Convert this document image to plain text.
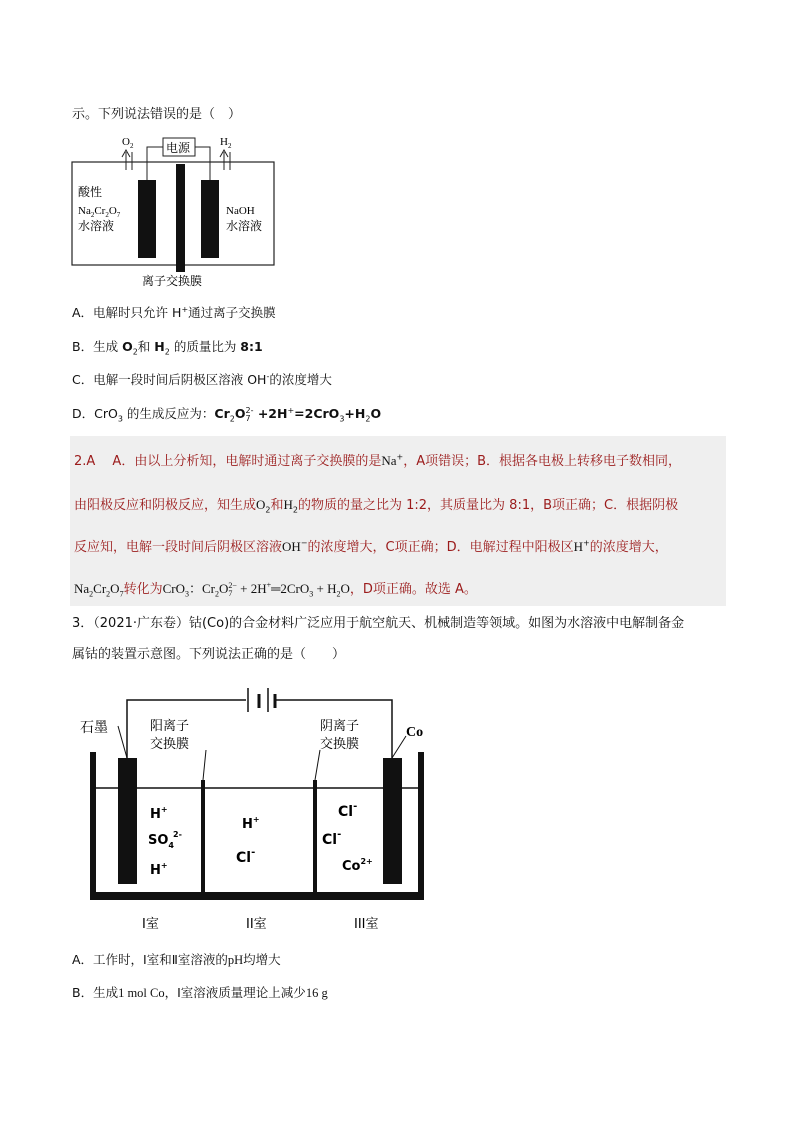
示。下列说法错误的是（　）
$O_2$	电源	$H_2$
酸性
$Na_2Cr_2O_7$
水溶液
NaOH
水溶液
离子交换膜
A．电解时只允许 H+通过离子交换膜
B．生成 $O_2$和 $H_2$ 的质量比为 8:1
C．电解一段时间后阴极区溶液 OH-的浓度增大
D．CrO$_3$ 的生成反应为：$Cr_2O$ 2-
$7 +2H^+=2CrO_3+H_2O$
2.A　 A．由以上分析知，电解时通过离子交换膜的是Na+，A项错误；B．根据各电极上转移电子数相同，
由阳极反应和阴极反应，知生成$O_2$和$H_2$的物质的量之比为 1:2，其质量比为 8:1，B项正确；C．根据阴极
反应知，电解一段时间后阴极区溶液OH−的浓度增大，C项正确；D．电解过程中阳极区H+的浓度增大，
$Na_2Cr_2O_7$转化为CrO$_3$：$Cr_2O$ 2−
7 + 2H+═2CrO$_3$ + $H_2O$，D项正确。故选 A。
3．（2021·广东卷）钴(Co)的合金材料广泛应用于航空航天、机械制造等领域。如图为水溶液中电解制备金
属钴的装置示意图。下列说法正确的是（　　）
石墨	阳离子
交换膜
阴离子
交换膜
Co
H+
$SO_42-$
H+
H+
Cl-
Cl-
Cl-
$Co^{2+}$
I室	II室	III室
A．工作时，Ⅰ室和Ⅱ室溶液的pH均增大
B．生成1 mol Co，Ⅰ室溶液质量理论上减少16 g
